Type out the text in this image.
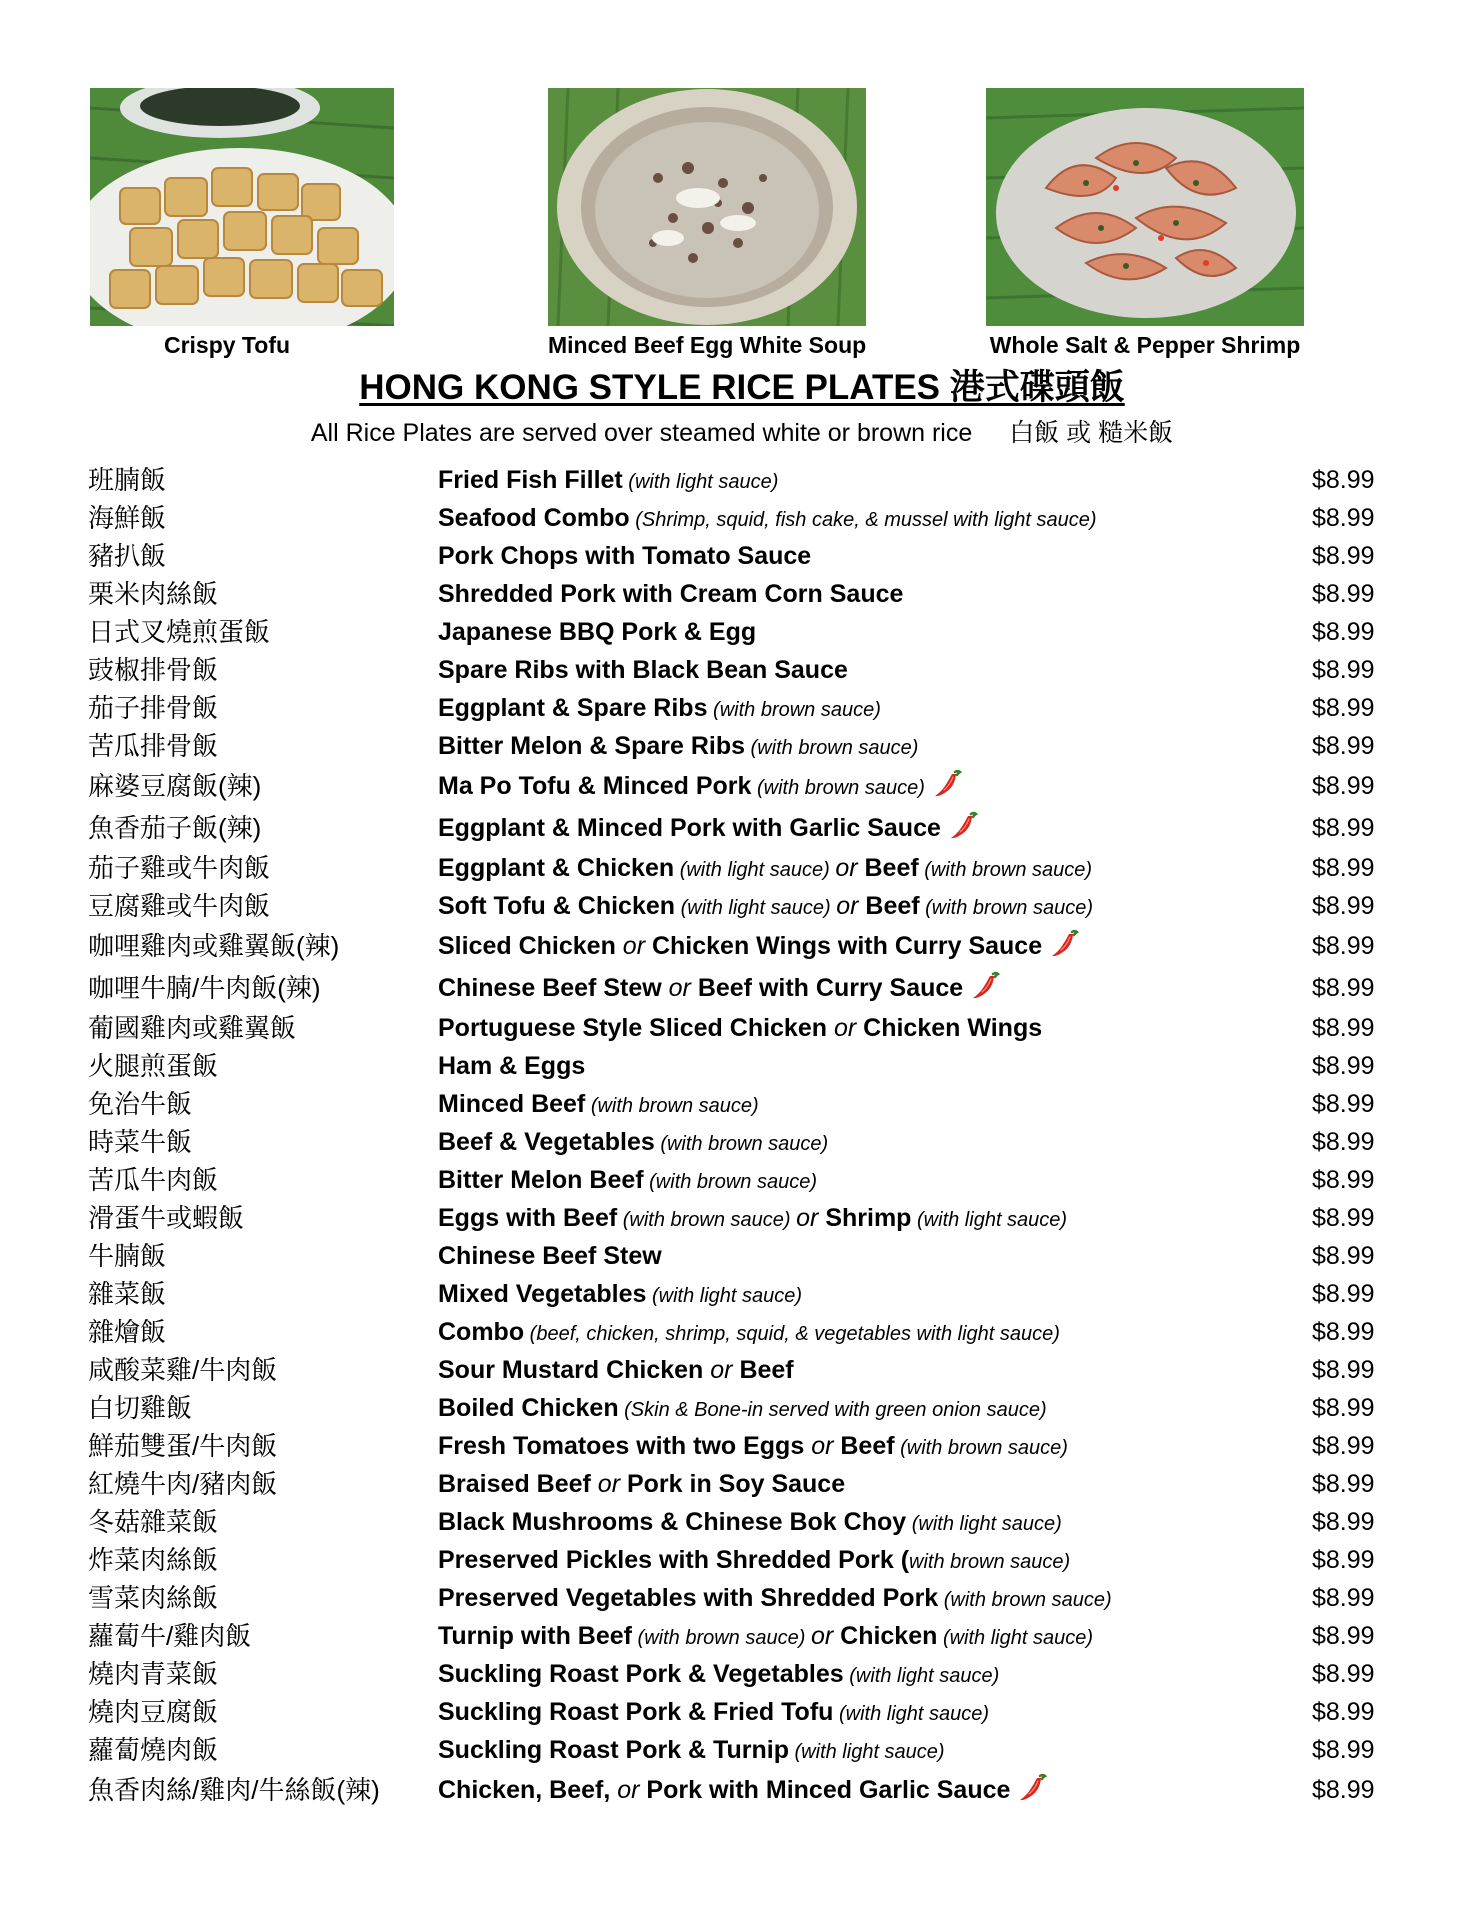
Crispy Tofu	Minced Beef Egg White Soup	Whole Salt & Pepper Shrimp
HONG KONG STYLE RICE PLATES 港式碟頭飯
All Rice Plates are served over steamed white or brown rice 白飯 或 糙米飯
班腩飯	Fried Fish Fillet (with light sauce)	$8.99
海鮮飯	Seafood Combo (Shrimp, squid, fish cake, & mussel with light sauce)	$8.99
豬扒飯	Pork Chops with Tomato Sauce	$8.99
栗米肉絲飯	Shredded Pork with Cream Corn Sauce	$8.99
日式叉燒煎蛋飯	Japanese BBQ Pork & Egg	$8.99
豉椒排骨飯	Spare Ribs with Black Bean Sauce	$8.99
茄子排骨飯	Eggplant & Spare Ribs (with brown sauce)	$8.99
苦瓜排骨飯	Bitter Melon & Spare Ribs (with brown sauce)	$8.99
麻婆豆腐飯(辣)	Ma Po Tofu & Minced Pork (with brown sauce)	$8.99
魚香茄子飯(辣)	Eggplant & Minced Pork with Garlic Sauce	$8.99
茄子雞或牛肉飯	Eggplant & Chicken (with light sauce) or Beef (with brown sauce)	$8.99
豆腐雞或牛肉飯	Soft Tofu & Chicken (with light sauce) or Beef (with brown sauce)	$8.99
咖哩雞肉或雞翼飯(辣)	Sliced Chicken or Chicken Wings with Curry Sauce	$8.99
咖哩牛腩/牛肉飯(辣)	Chinese Beef Stew or Beef with Curry Sauce	$8.99
葡國雞肉或雞翼飯	Portuguese Style Sliced Chicken or Chicken Wings	$8.99
火腿煎蛋飯	Ham & Eggs	$8.99
免治牛飯	Minced Beef (with brown sauce)	$8.99
時菜牛飯	Beef & Vegetables (with brown sauce)	$8.99
苦瓜牛肉飯	Bitter Melon Beef (with brown sauce)	$8.99
滑蛋牛或蝦飯	Eggs with Beef (with brown sauce) or Shrimp (with light sauce)	$8.99
牛腩飯	Chinese Beef Stew	$8.99
雜菜飯	Mixed Vegetables (with light sauce)	$8.99
雜燴飯	Combo (beef, chicken, shrimp, squid, & vegetables with light sauce)	$8.99
咸酸菜雞/牛肉飯	Sour Mustard Chicken or Beef	$8.99
白切雞飯	Boiled Chicken (Skin & Bone-in served with green onion sauce)	$8.99
鮮茄雙蛋/牛肉飯	Fresh Tomatoes with two Eggs or Beef (with brown sauce)	$8.99
紅燒牛肉/豬肉飯	Braised Beef or Pork in Soy Sauce	$8.99
冬菇雜菜飯	Black Mushrooms & Chinese Bok Choy (with light sauce)	$8.99
炸菜肉絲飯	Preserved Pickles with Shredded Pork (with brown sauce)	$8.99
雪菜肉絲飯	Preserved Vegetables with Shredded Pork (with brown sauce)	$8.99
蘿蔔牛/雞肉飯	Turnip with Beef (with brown sauce) or Chicken (with light sauce)	$8.99
燒肉青菜飯	Suckling Roast Pork & Vegetables (with light sauce)	$8.99
燒肉豆腐飯	Suckling Roast Pork & Fried Tofu (with light sauce)	$8.99
蘿蔔燒肉飯	Suckling Roast Pork & Turnip (with light sauce)	$8.99
魚香肉絲/雞肉/牛絲飯(辣) Chicken, Beef, or Pork with Minced Garlic Sauce	$8.99
